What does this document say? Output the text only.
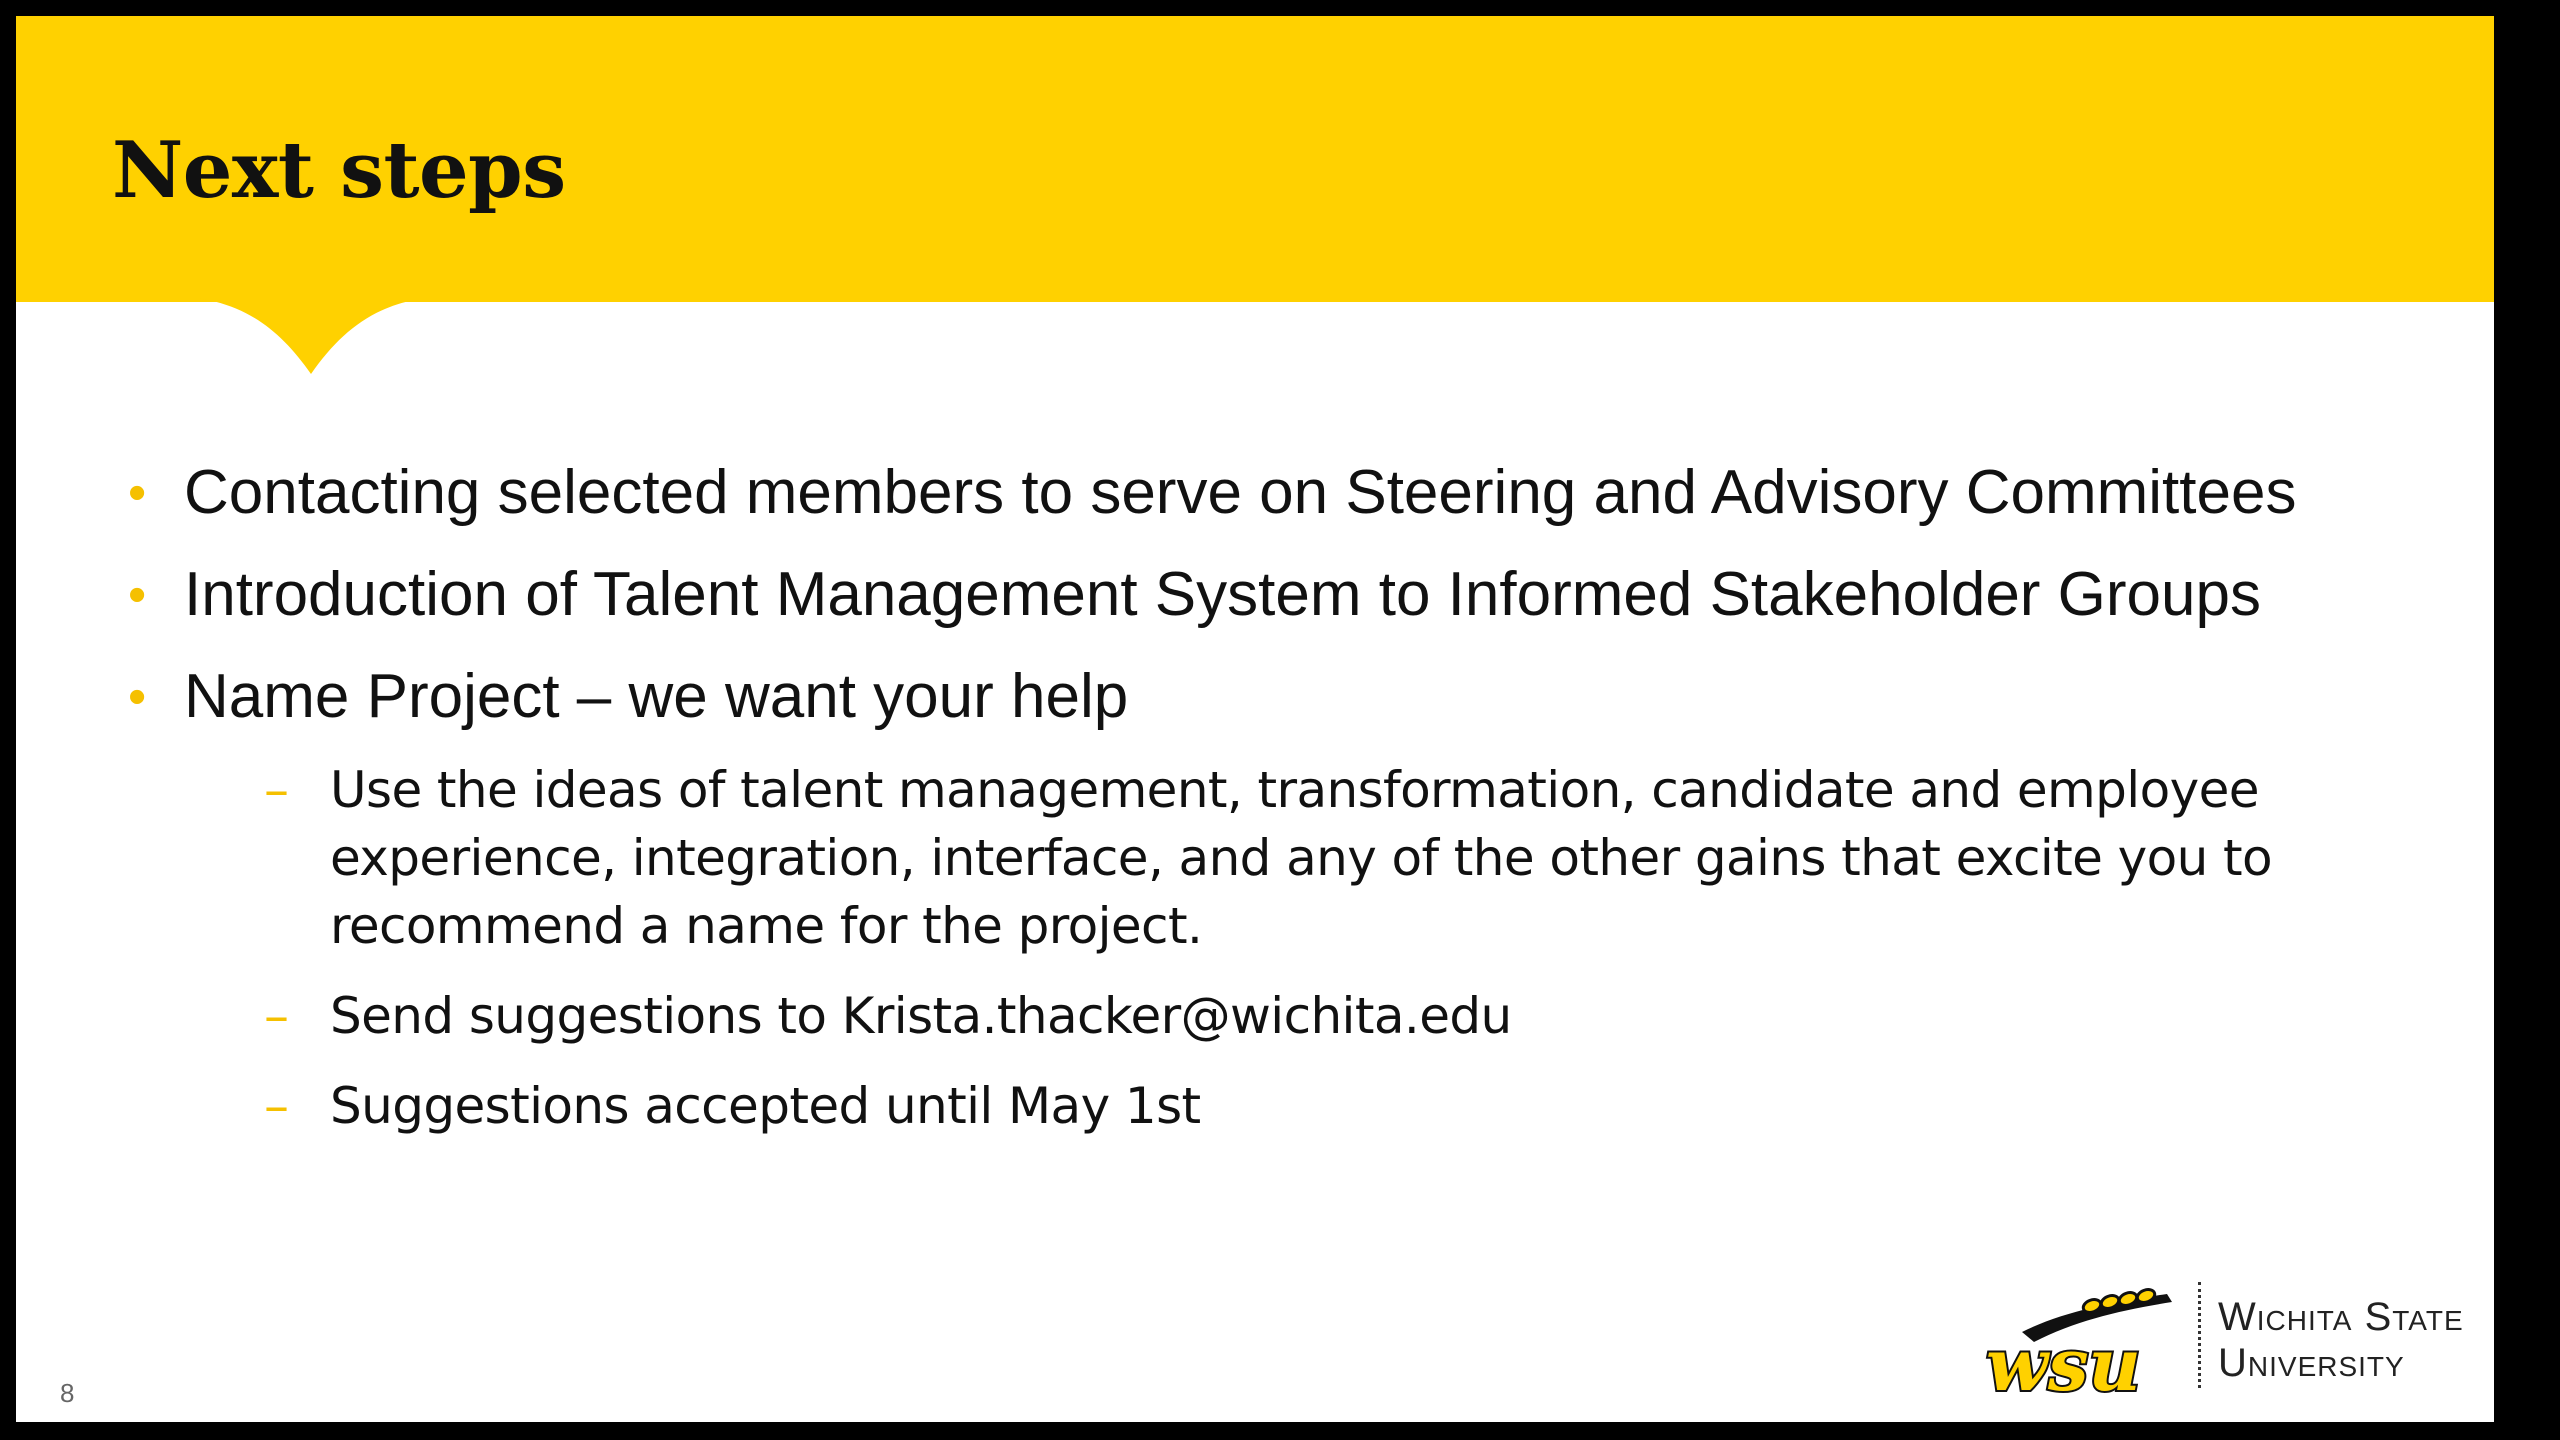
Next steps
• Contacting selected members to serve on Steering and Advisory Committees
• Introduction of Talent Management System to Informed Stakeholder Groups
• Name Project – we want your help
– Use the ideas of talent management, transformation, candidate and employee experience, integration, interface, and any of the other gains that excite you to recommend a name for the project.
– Send suggestions to Krista.thacker@wichita.edu
– Suggestions accepted until May 1st
8	wsu
Wichita State
University
